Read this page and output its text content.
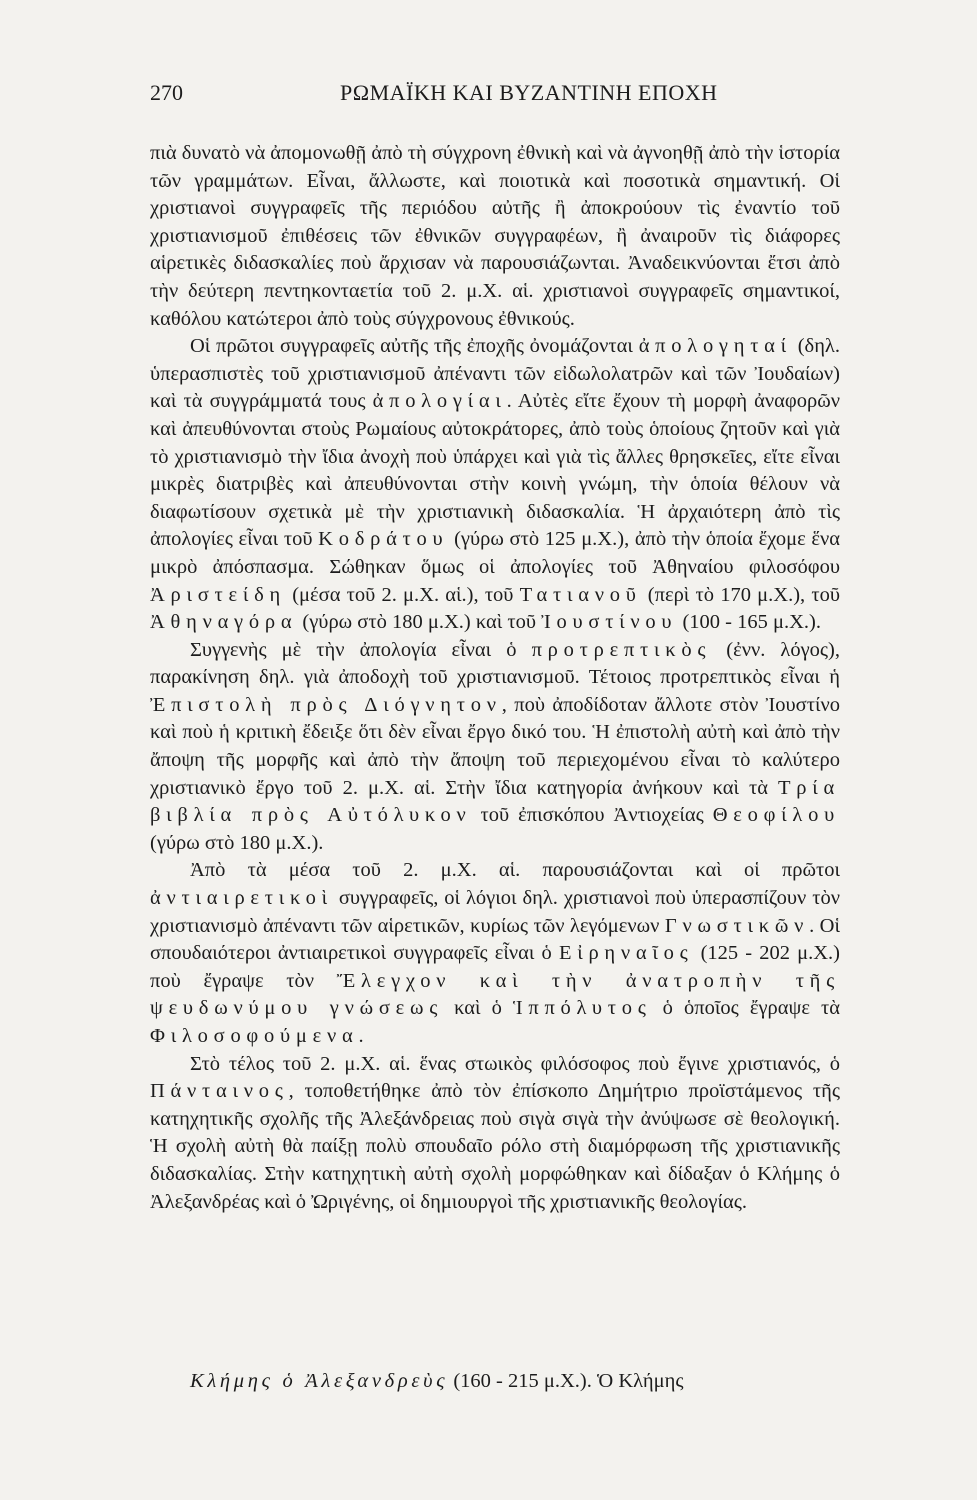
270	ΡΩΜΑΪΚΗ ΚΑΙ ΒΥΖΑΝΤΙΝΗ ΕΠΟΧΗ

πιὰ δυνατὸ νὰ ἀπομονωθῇ ἀπὸ τὴ σύγχρονη ἐθνικὴ καὶ νὰ ἀγνοηθῇ ἀπὸ τὴν ἱστορία τῶν γραμμάτων. Εἶναι, ἄλλωστε, καὶ ποιοτικὰ καὶ ποσοτικὰ σημαντική. Οἱ χριστιανοὶ συγγραφεῖς τῆς περιόδου αὐτῆς ἢ ἀποκρούουν τὶς ἐναντίο τοῦ χριστιανισμοῦ ἐπιθέσεις τῶν ἐθνικῶν συγγραφέων, ἢ ἀναιροῦν τὶς διάφορες αἱρετικὲς διδασκαλίες ποὺ ἄρχισαν νὰ παρουσιάζωνται. Ἀναδεικνύονται ἔτσι ἀπὸ τὴν δεύτερη πεντηκονταετία τοῦ 2. μ.Χ. αἱ. χριστιανοὶ συγγραφεῖς σημαντικοί, καθόλου κατώτεροι ἀπὸ τοὺς σύγχρονους ἐθνικούς.

Οἱ πρῶτοι συγγραφεῖς αὐτῆς τῆς ἐποχῆς ὀνομάζονται ἀπολογηταί (δηλ. ὑπερασπιστὲς τοῦ χριστιανισμοῦ ἀπέναντι τῶν εἰδωλολατρῶν καὶ τῶν Ἰουδαίων) καὶ τὰ συγγράμματά τους ἀπολογίαι. Αὐτὲς εἴτε ἔχουν τὴ μορφὴ ἀναφορῶν καὶ ἀπευθύνονται στοὺς Ρωμαίους αὐτοκράτορες, ἀπὸ τοὺς ὁποίους ζητοῦν καὶ γιὰ τὸ χριστιανισμὸ τὴν ἴδια ἀνοχὴ ποὺ ὑπάρχει καὶ γιὰ τὶς ἄλλες θρησκεῖες, εἴτε εἶναι μικρὲς διατριβὲς καὶ ἀπευθύνονται στὴν κοινὴ γνώμη, τὴν ὁποία θέλουν νὰ διαφωτίσουν σχετικὰ μὲ τὴν χριστιανικὴ διδασκαλία. Ἡ ἀρχαιότερη ἀπὸ τὶς ἀπολογίες εἶναι τοῦ Κοδράτου (γύρω στὸ 125 μ.Χ.), ἀπὸ τὴν ὁποία ἔχομε ἕνα μικρὸ ἀπόσπασμα. Σώθηκαν ὅμως οἱ ἀπολογίες τοῦ Ἀθηναίου φιλοσόφου Ἀριστείδη (μέσα τοῦ 2. μ.Χ. αἱ.), τοῦ Τατιανοῦ (περὶ τὸ 170 μ.Χ.), τοῦ Ἀθηναγόρα (γύρω στὸ 180 μ.Χ.) καὶ τοῦ Ἰουστίνου (100 - 165 μ.Χ.).

Συγγενὴς μὲ τὴν ἀπολογία εἶναι ὁ προτρεπτικὸς (ἐνν. λόγος), παρακίνηση δηλ. γιὰ ἀποδοχὴ τοῦ χριστιανισμοῦ. Τέτοιος προτρεπτικὸς εἶναι ἡ Ἐπιστολὴ πρὸς Διόγνητον, ποὺ ἀποδίδοταν ἄλλοτε στὸν Ἰουστίνο καὶ ποὺ ἡ κριτικὴ ἔδειξε ὅτι δὲν εἶναι ἔργο δικό του. Ἡ ἐπιστολὴ αὐτὴ καὶ ἀπὸ τὴν ἄποψη τῆς μορφῆς καὶ ἀπὸ τὴν ἄποψη τοῦ περιεχομένου εἶναι τὸ καλύτερο χριστιανικὸ ἔργο τοῦ 2. μ.Χ. αἱ. Στὴν ἴδια κατηγορία ἀνήκουν καὶ τὰ Τρία βιβλία πρὸς Αὐτόλυκον τοῦ ἐπισκόπου Ἀντιοχείας Θεοφίλου (γύρω στὸ 180 μ.Χ.).

Ἀπὸ τὰ μέσα τοῦ 2. μ.Χ. αἱ. παρουσιάζονται καὶ οἱ πρῶτοι ἀντιαιρετικοὶ συγγραφεῖς, οἱ λόγιοι δηλ. χριστιανοὶ ποὺ ὑπερασπίζουν τὸν χριστιανισμὸ ἀπέναντι τῶν αἱρετικῶν, κυρίως τῶν λεγόμενων Γνωστικῶν. Οἱ σπουδαιότεροι ἀντιαιρετικοὶ συγγραφεῖς εἶναι ὁ Εἰρηναῖος (125 - 202 μ.Χ.) ποὺ ἔγραψε τὸν Ἔλεγχον καὶ τὴν ἀνατροπὴν τῆς ψευδωνύμου γνώσεως καὶ ὁ Ἱππόλυτος ὁ ὁποῖος ἔγραψε τὰ Φιλοσοφούμενα.

Στὸ τέλος τοῦ 2. μ.Χ. αἱ. ἕνας στωικὸς φιλόσοφος ποὺ ἔγινε χριστιανός, ὁ Πάνταινος, τοποθετήθηκε ἀπὸ τὸν ἐπίσκοπο Δημήτριο προϊστάμενος τῆς κατηχητικῆς σχολῆς τῆς Ἀλεξάνδρειας ποὺ σιγὰ σιγὰ τὴν ἀνύψωσε σὲ θεολογική. Ἡ σχολὴ αὐτὴ θὰ παίξῃ πολὺ σπουδαῖο ρόλο στὴ διαμόρφωση τῆς χριστιανικῆς διδασκαλίας. Στὴν κατηχητικὴ αὐτὴ σχολὴ μορφώθηκαν καὶ δίδαξαν ὁ Κλήμης ὁ Ἀλεξανδρέας καὶ ὁ Ὠριγένης, οἱ δημιουργοὶ τῆς χριστιανικῆς θεολογίας.

Κλήμης ὁ Ἀλεξανδρεὺς (160 - 215 μ.Χ.). Ὁ Κλήμης
